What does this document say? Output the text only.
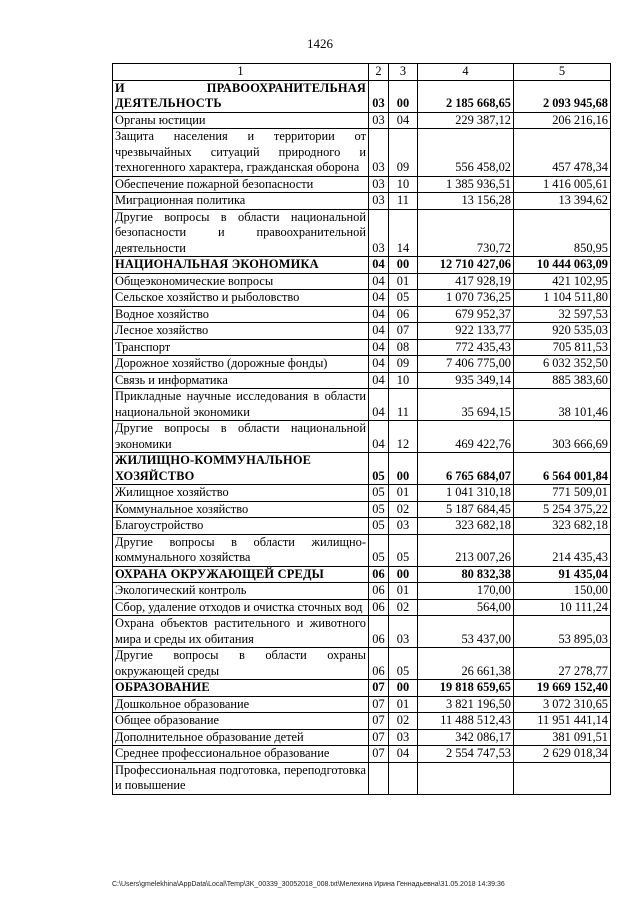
1426
1	2	3	4	5
И ПРАВООХРАНИТЕЛЬНАЯ ДЕЯТЕЛЬНОСТЬ	03	00	2 185 668,65	2 093 945,68
Органы юстиции	03	04	229 387,12	206 216,16
Защита населения и территории от чрезвычайных ситуаций природного и техногенного характера, гражданская оборона	03	09	556 458,02	457 478,34
Обеспечение пожарной безопасности	03	10	1 385 936,51	1 416 005,61
Миграционная политика	03	11	13 156,28	13 394,62
Другие вопросы в области национальной безопасности и правоохранительной деятельности	03	14	730,72	850,95
НАЦИОНАЛЬНАЯ ЭКОНОМИКА	04	00	12 710 427,06	10 444 063,09
Общеэкономические вопросы	04	01	417 928,19	421 102,95
Сельское хозяйство и рыболовство	04	05	1 070 736,25	1 104 511,80
Водное хозяйство	04	06	679 952,37	32 597,53
Лесное хозяйство	04	07	922 133,77	920 535,03
Транспорт	04	08	772 435,43	705 811,53
Дорожное хозяйство (дорожные фонды)	04	09	7 406 775,00	6 032 352,50
Связь и информатика	04	10	935 349,14	885 383,60
Прикладные научные исследования в области национальной экономики	04	11	35 694,15	38 101,46
Другие вопросы в области национальной экономики	04	12	469 422,76	303 666,69
ЖИЛИЩНО-КОММУНАЛЬНОЕ ХОЗЯЙСТВО	05	00	6 765 684,07	6 564 001,84
Жилищное хозяйство	05	01	1 041 310,18	771 509,01
Коммунальное хозяйство	05	02	5 187 684,45	5 254 375,22
Благоустройство	05	03	323 682,18	323 682,18
Другие вопросы в области жилищно-коммунального хозяйства	05	05	213 007,26	214 435,43
ОХРАНА ОКРУЖАЮЩЕЙ СРЕДЫ	06	00	80 832,38	91 435,04
Экологический контроль	06	01	170,00	150,00
Сбор, удаление отходов и очистка сточных вод	06	02	564,00	10 111,24
Охрана объектов растительного и животного мира и среды их обитания	06	03	53 437,00	53 895,03
Другие вопросы в области охраны окружающей среды	06	05	26 661,38	27 278,77
ОБРАЗОВАНИЕ	07	00	19 818 659,65	19 669 152,40
Дошкольное образование	07	01	3 821 196,50	3 072 310,65
Общее образование	07	02	11 488 512,43	11 951 441,14
Дополнительное образование детей	07	03	342 086,17	381 091,51
Среднее профессиональное образование	07	04	2 554 747,53	2 629 018,34
Профессиональная подготовка, переподготовка и повышение				
C:\Users\gmelekhina\AppData\Local\Temp\3K_00339_30052018_008.txt\Мелехина Ирина Геннадьевна\31.05.2018 14:39:36
